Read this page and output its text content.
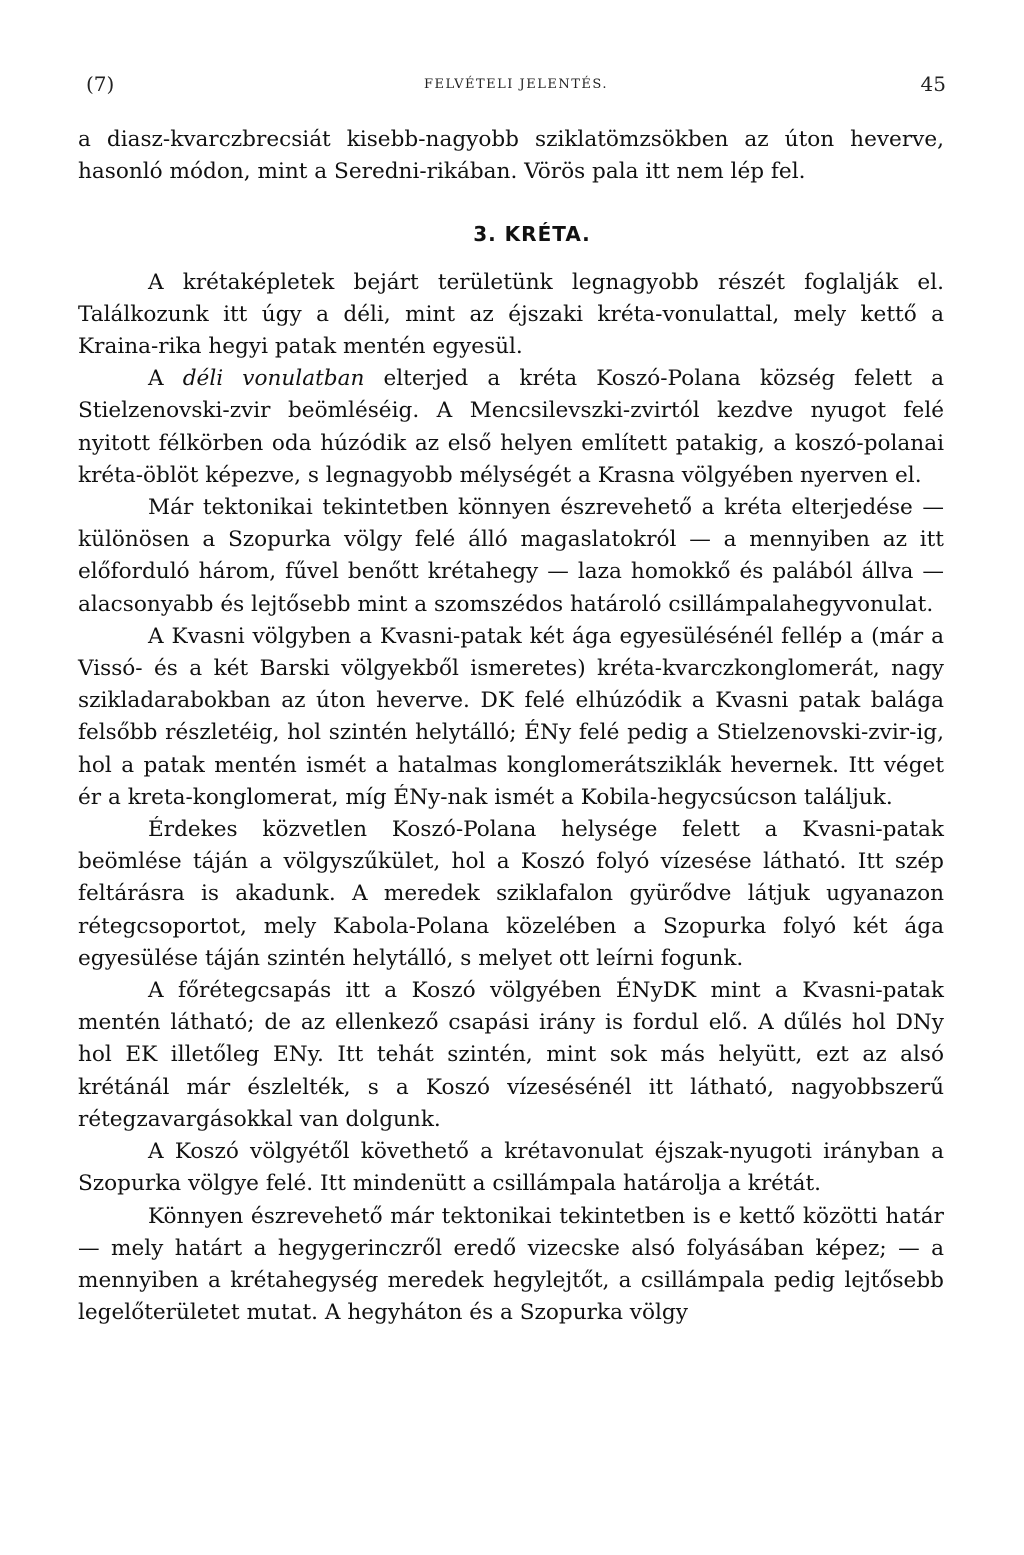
(7)	FELVÉTELI JELENTÉS.	45

a diasz-kvarczbrecsiát kisebb-nagyobb sziklatömzsökben az úton heverve, hasonló módon, mint a Seredni-rikában. Vörös pala itt nem lép fel.

3. KRÉTA.

A krétaképletek bejárt területünk legnagyobb részét foglalják el. Találkozunk itt úgy a déli, mint az éjszaki kréta-vonulattal, mely kettő a Kraina-rika hegyi patak mentén egyesül.

A déli vonulatban elterjed a kréta Koszó-Polana község felett a Stielzenovski-zvir beömléséig. A Mencsilevszki-zvirtól kezdve nyugot felé nyitott félkörben oda húzódik az első helyen említett patakig, a koszó-polanai kréta-öblöt képezve, s legnagyobb mélységét a Krasna völgyében nyerven el.

Már tektonikai tekintetben könnyen észrevehető a kréta elterjedése — különösen a Szopurka völgy felé álló magaslatokról — a mennyiben az itt előforduló három, fűvel benőtt krétahegy — laza homokkő és palából állva — alacsonyabb és lejtősebb mint a szomszédos határoló csillámpalahegyvonulat.

A Kvasni völgyben a Kvasni-patak két ága egyesülésénél fellép a (már a Vissó- és a két Barski völgyekből ismeretes) kréta-kvarczkonglomerát, nagy szikladarabokban az úton heverve. DK felé elhúzódik a Kvasni patak balága felsőbb részletéig, hol szintén helytálló; ÉNy felé pedig a Stielzenovski-zvir-ig, hol a patak mentén ismét a hatalmas konglomerátsziklák hevernek. Itt véget ér a kreta-konglomerat, míg ÉNy-nak ismét a Kobila-hegycsúcson találjuk.

Érdekes közvetlen Koszó-Polana helysége felett a Kvasni-patak beömlése táján a völgyszűkület, hol a Koszó folyó vízesése látható. Itt szép feltárásra is akadunk. A meredek sziklafalon gyürődve látjuk ugyanazon rétegcsoportot, mely Kabola-Polana közelében a Szopurka folyó két ága egyesülése táján szintén helytálló, s melyet ott leírni fogunk.

A főrétegcsapás itt a Koszó völgyében ÉNyDK mint a Kvasni-patak mentén látható; de az ellenkező csapási irány is fordul elő. A dűlés hol DNy hol EK illetőleg ENy. Itt tehát szintén, mint sok más helyütt, ezt az alsó krétánál már észlelték, s a Koszó vízesésénél itt látható, nagyobbszerű rétegzavargásokkal van dolgunk.

A Koszó völgyétől követhető a krétavonulat éjszak-nyugoti irányban a Szopurka völgye felé. Itt mindenütt a csillámpala határolja a krétát.

Könnyen észrevehető már tektonikai tekintetben is e kettő közötti határ — mely határt a hegygerinczről eredő vizecske alsó folyásában képez; — a mennyiben a krétahegység meredek hegylejtőt, a csillámpala pedig lejtősebb legelőterületet mutat. A hegyháton és a Szopurka völgy
